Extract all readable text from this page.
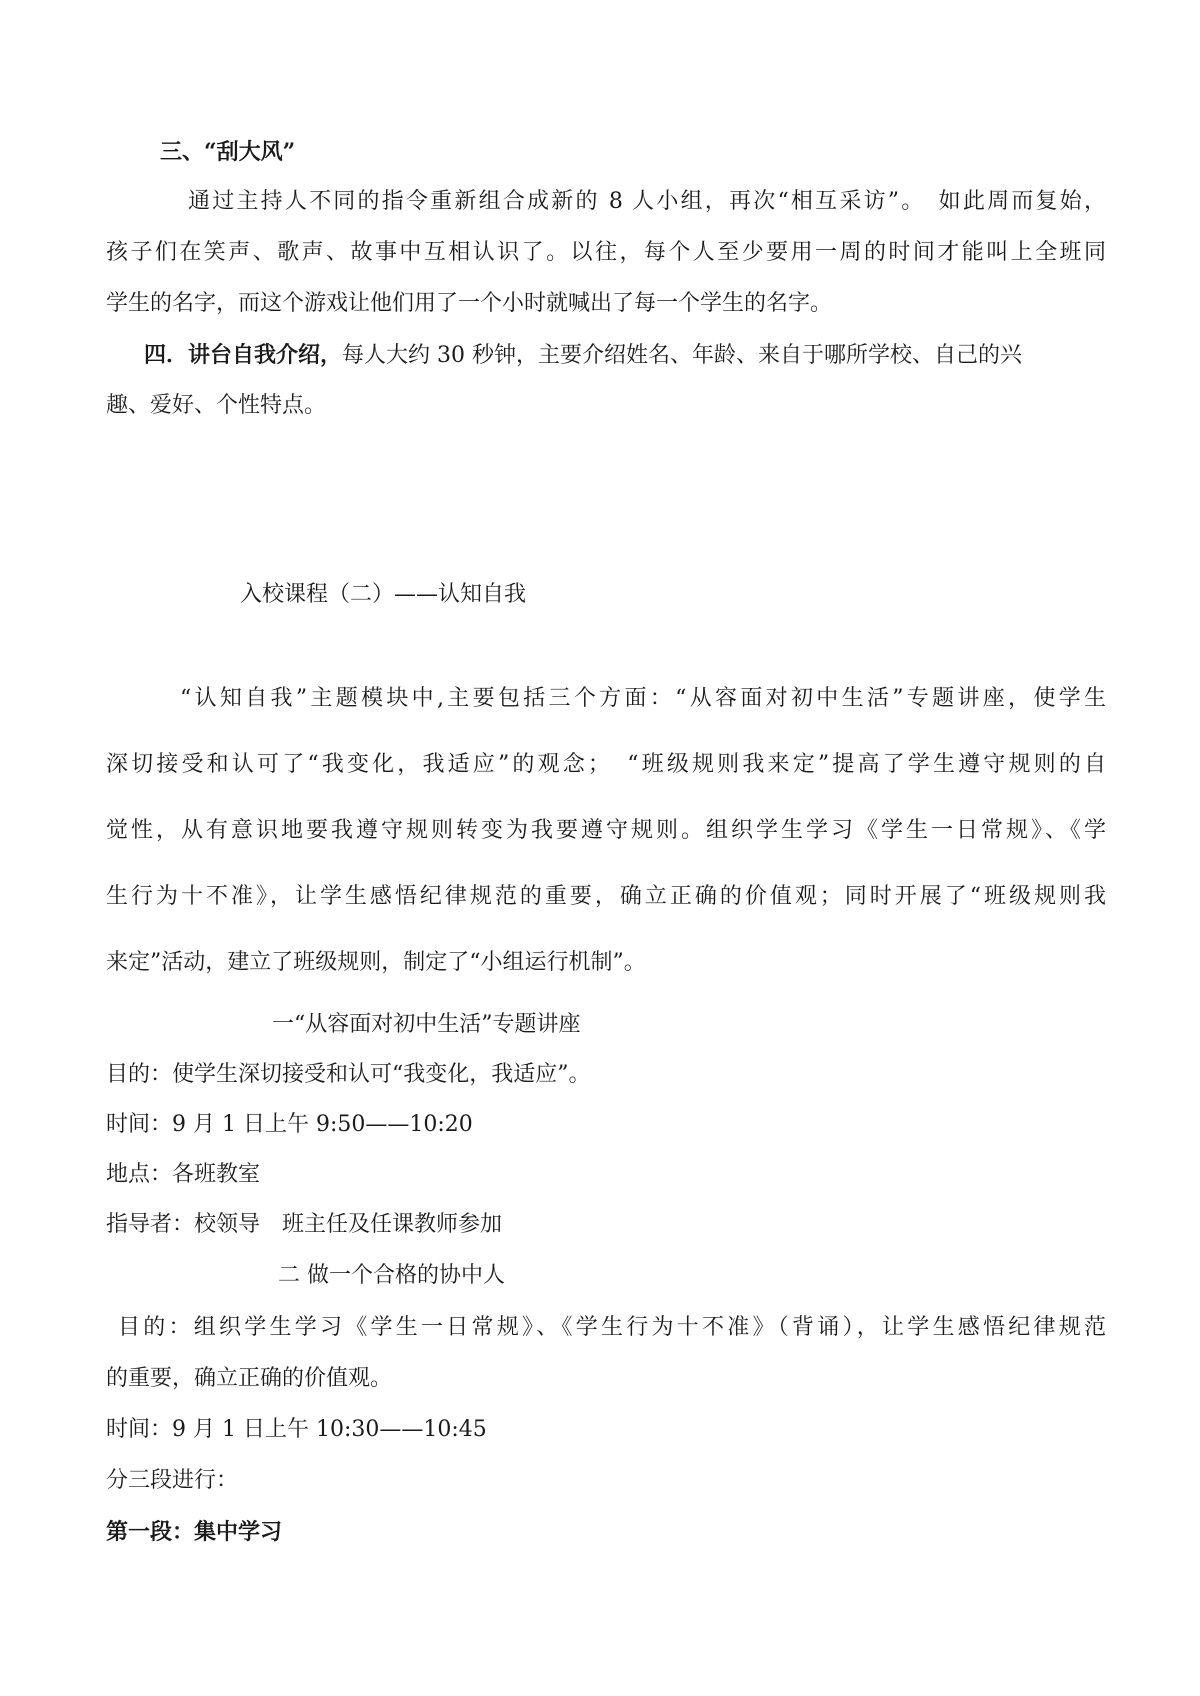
三、“刮大风”

通过主持人不同的指令重新组合成新的 8 人小组，再次“相互采访”。　如此周而复始，

孩子们在笑声、歌声、故事中互相认识了。以往，每个人至少要用一周的时间才能叫上全班同

学生的名字，而这个游戏让他们用了一个小时就喊出了每一个学生的名字。

四．讲台自我介绍，每人大约 30 秒钟，主要介绍姓名、年龄、来自于哪所学校、自己的兴

趣、爱好、个性特点。

入校课程（二）——认知自我

“认知自我”主题模块中,主要包括三个方面：“从容面对初中生活”专题讲座，使学生

深切接受和认可了“我变化，我适应”的观念；　“班级规则我来定”提高了学生遵守规则的自

觉性，从有意识地要我遵守规则转变为我要遵守规则。组织学生学习《学生一日常规》、《学

生行为十不准》，让学生感悟纪律规范的重要，确立正确的价值观；同时开展了“班级规则我

来定”活动，建立了班级规则，制定了“小组运行机制”。

一“从容面对初中生活”专题讲座

目的：使学生深切接受和认可“我变化，我适应”。

时间：9 月 1 日上午 9:50——10:20

地点：各班教室

指导者：校领导　班主任及任课教师参加

二 做一个合格的协中人

目的：组织学生学习《学生一日常规》、《学生行为十不准》（背诵），让学生感悟纪律规范

的重要，确立正确的价值观。

时间：9 月 1 日上午 10:30——10:45

分三段进行：

第一段：集中学习
